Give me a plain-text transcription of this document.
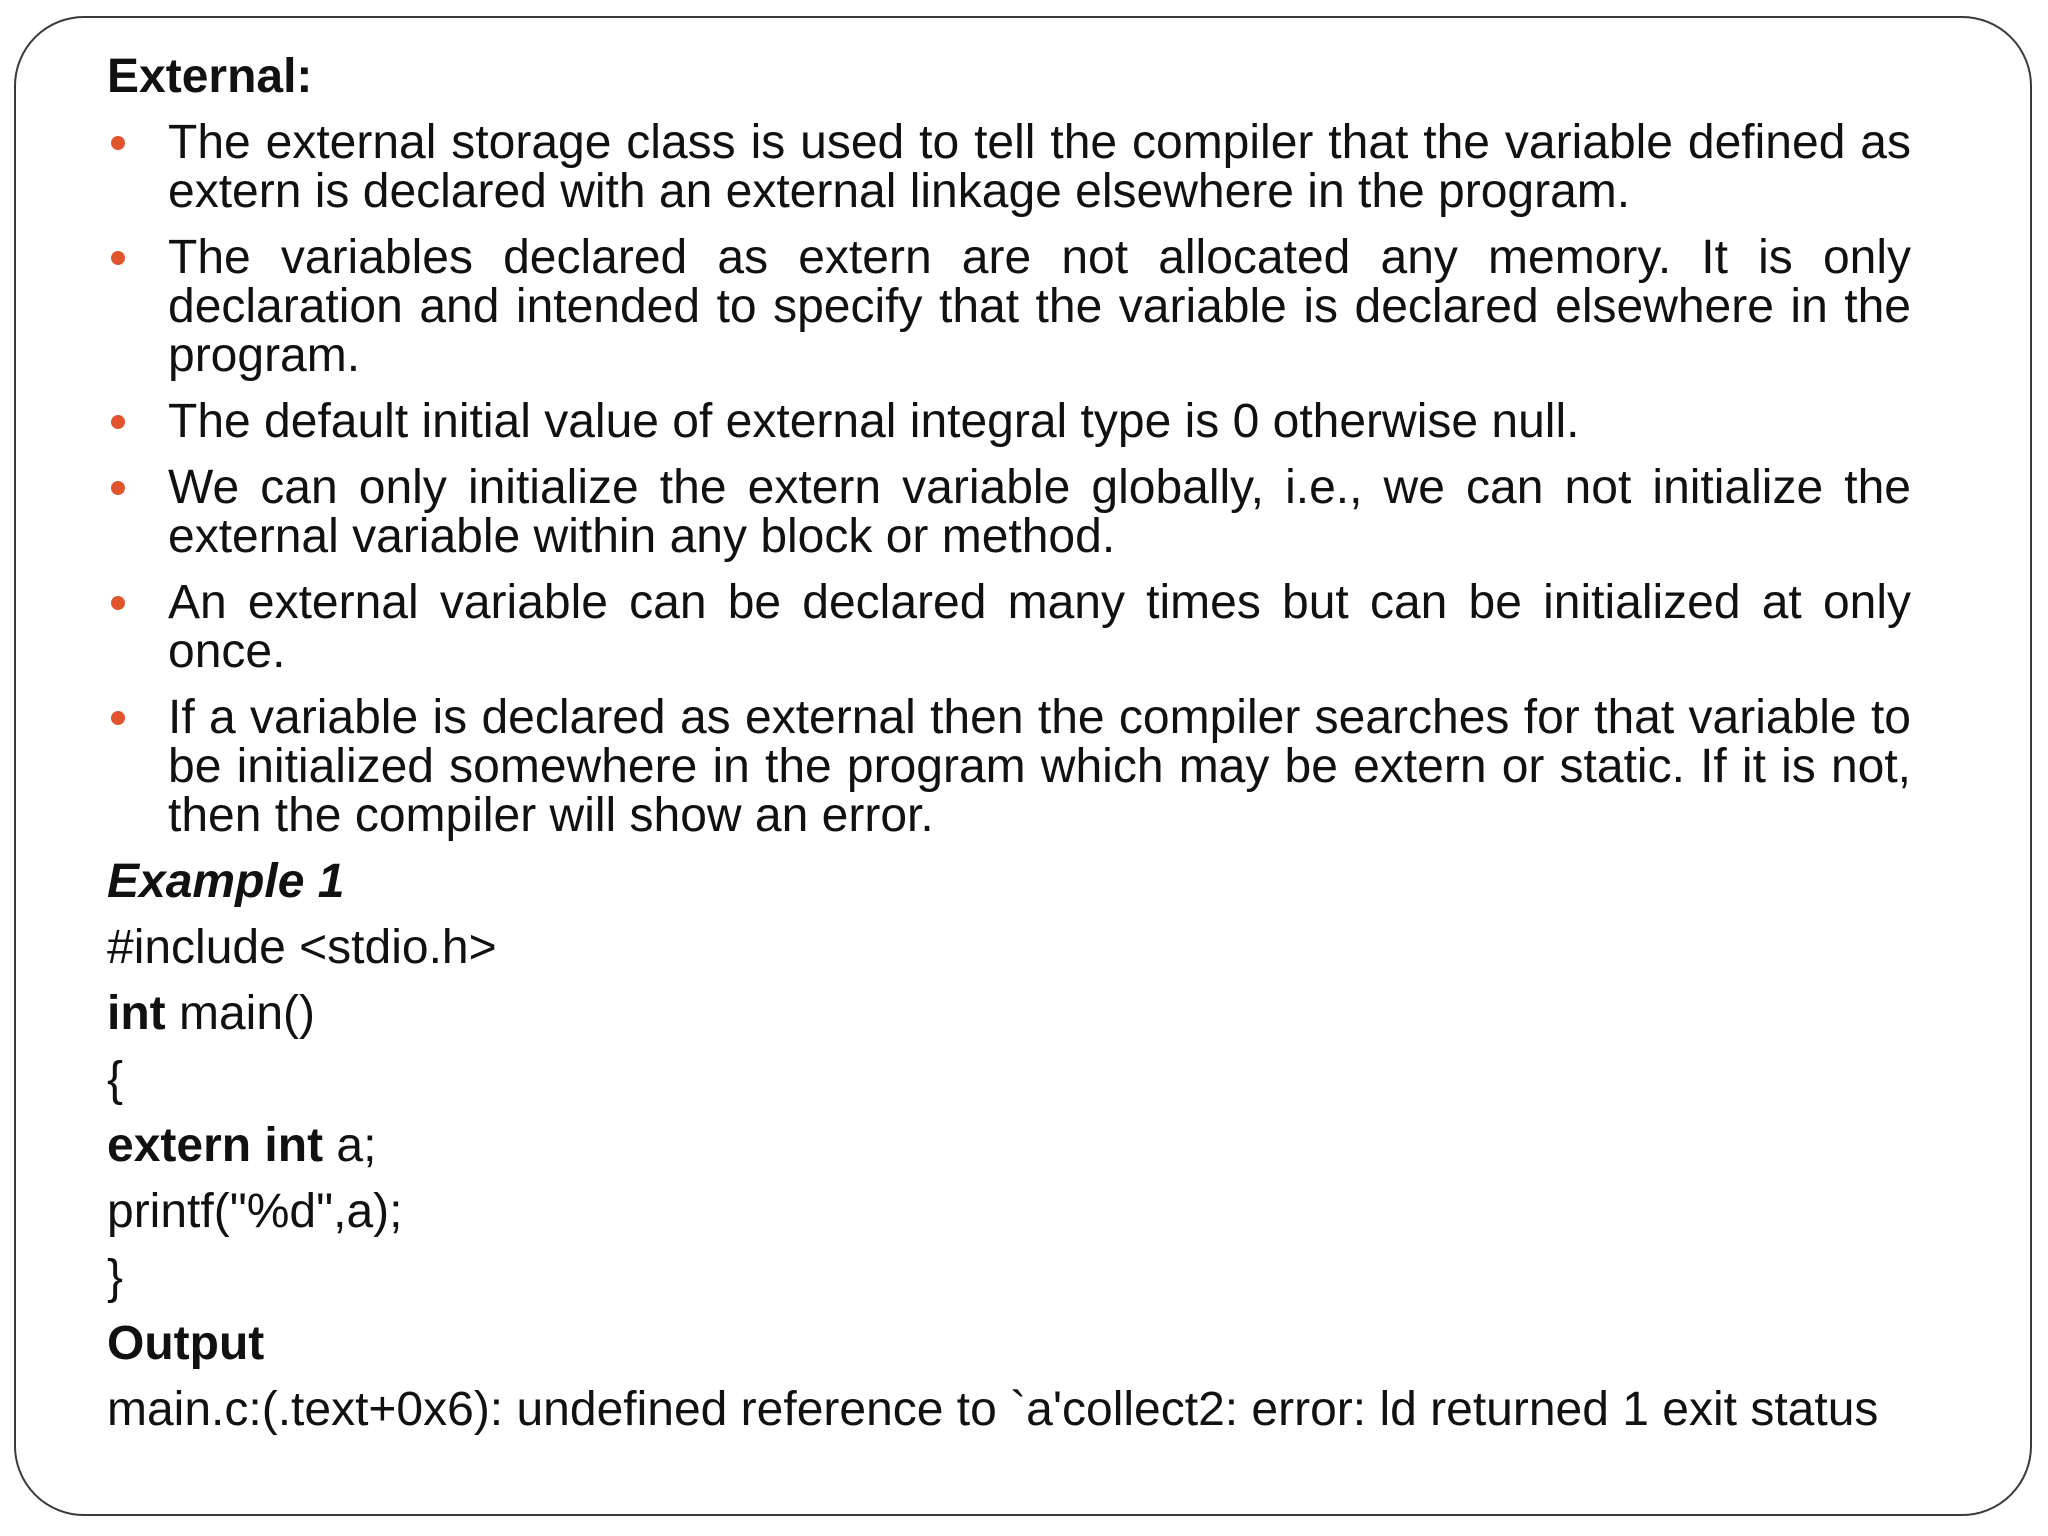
External:
The external storage class is used to tell the compiler that the variable defined as extern is declared with an external linkage elsewhere in the program.
The variables declared as extern are not allocated any memory. It is only declaration and intended to specify that the variable is declared elsewhere in the program.
The default initial value of external integral type is 0 otherwise null.
We can only initialize the extern variable globally, i.e., we can not initialize the external variable within any block or method.
An external variable can be declared many times but can be initialized at only once.
If a variable is declared as external then the compiler searches for that variable to be initialized somewhere in the program which may be extern or static. If it is not, then the compiler will show an error.
Example 1
#include <stdio.h>
int main()
{
extern int a;
printf("%d",a);
}
Output
main.c:(.text+0x6): undefined reference to `a'collect2: error: ld returned 1 exit status
